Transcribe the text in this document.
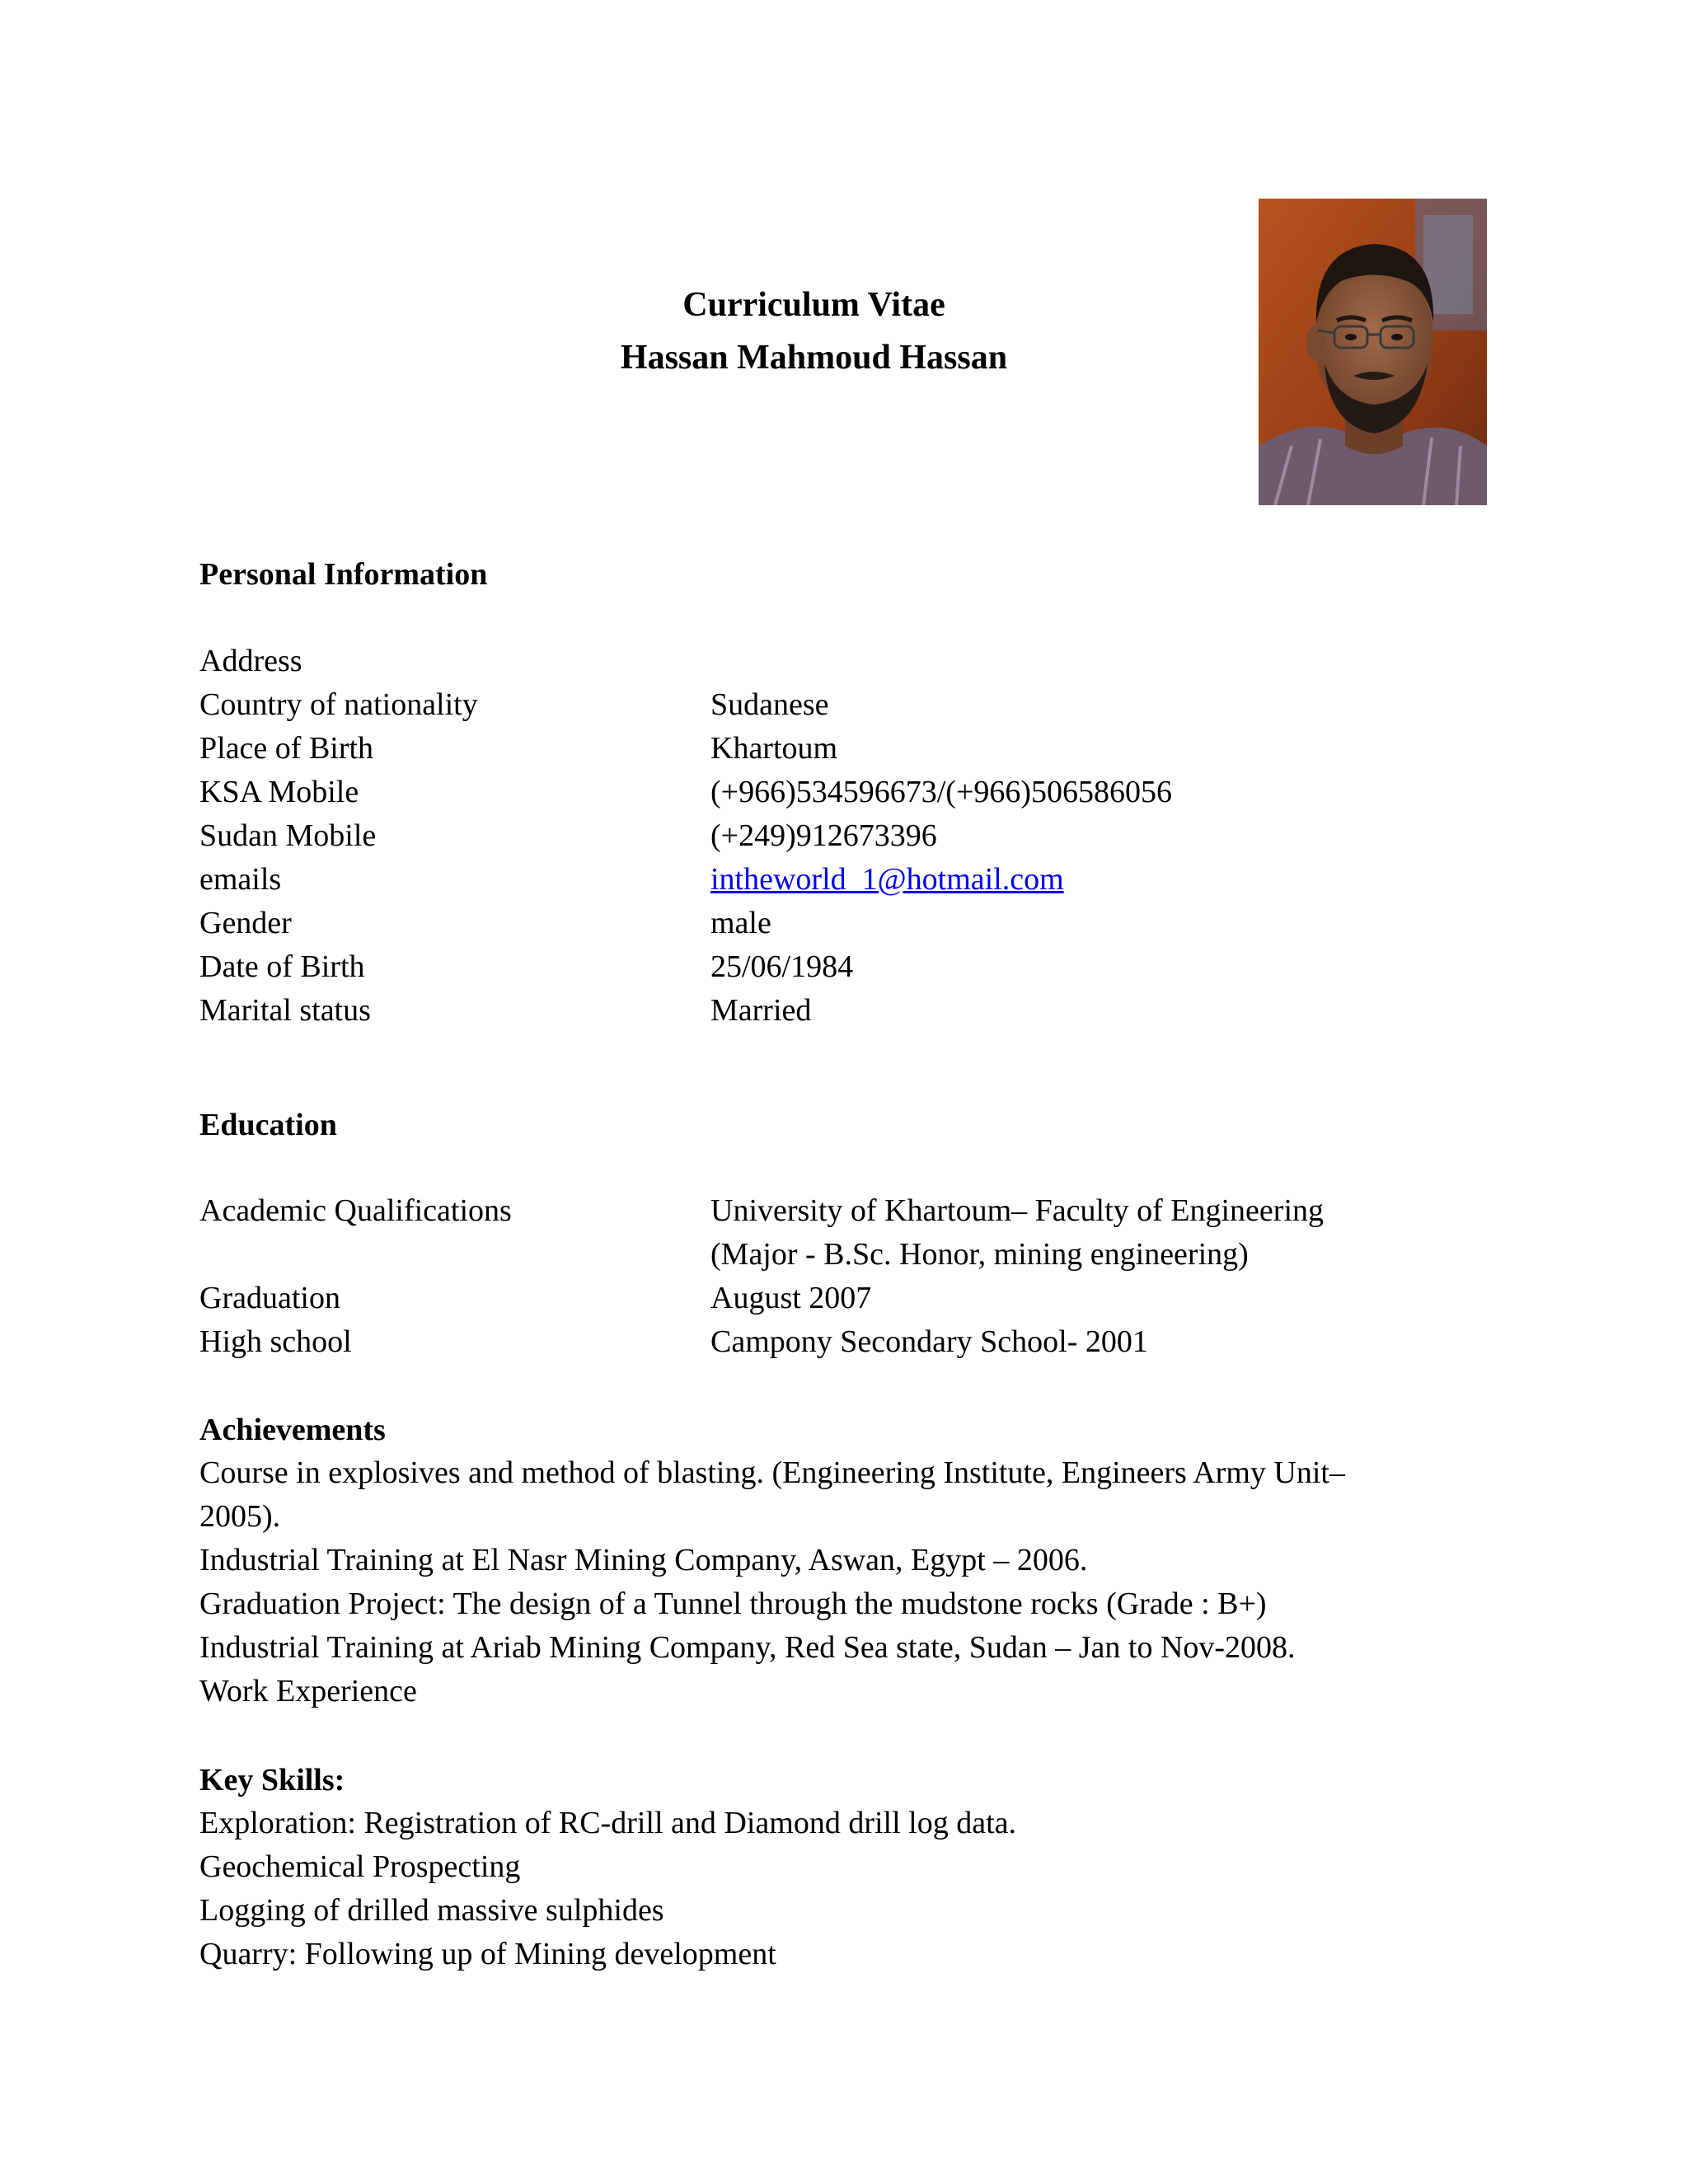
Curriculum Vitae
Hassan Mahmoud Hassan
Personal Information
Address
Country of nationality	Sudanese
Place of Birth	Khartoum
KSA Mobile	(+966)534596673/(+966)506586056
Sudan Mobile	(+249)912673396
emails	intheworld_1@hotmail.com
Gender	male
Date of Birth	25/06/1984
Marital status	Married
Education
Academic Qualifications	University of Khartoum– Faculty of Engineering
(Major - B.Sc. Honor, mining engineering)
Graduation	August 2007
High school	Campony Secondary School- 2001
Achievements
Course in explosives and method of blasting. (Engineering Institute, Engineers Army Unit–
2005).
Industrial Training at El Nasr Mining Company, Aswan, Egypt – 2006.
Graduation Project: The design of a Tunnel through the mudstone rocks (Grade : B+)
Industrial Training at Ariab Mining Company, Red Sea state, Sudan – Jan to Nov-2008.
Work Experience
Key Skills:
Exploration: Registration of RC-drill and Diamond drill log data.
Geochemical Prospecting
Logging of drilled massive sulphides
Quarry: Following up of Mining development
